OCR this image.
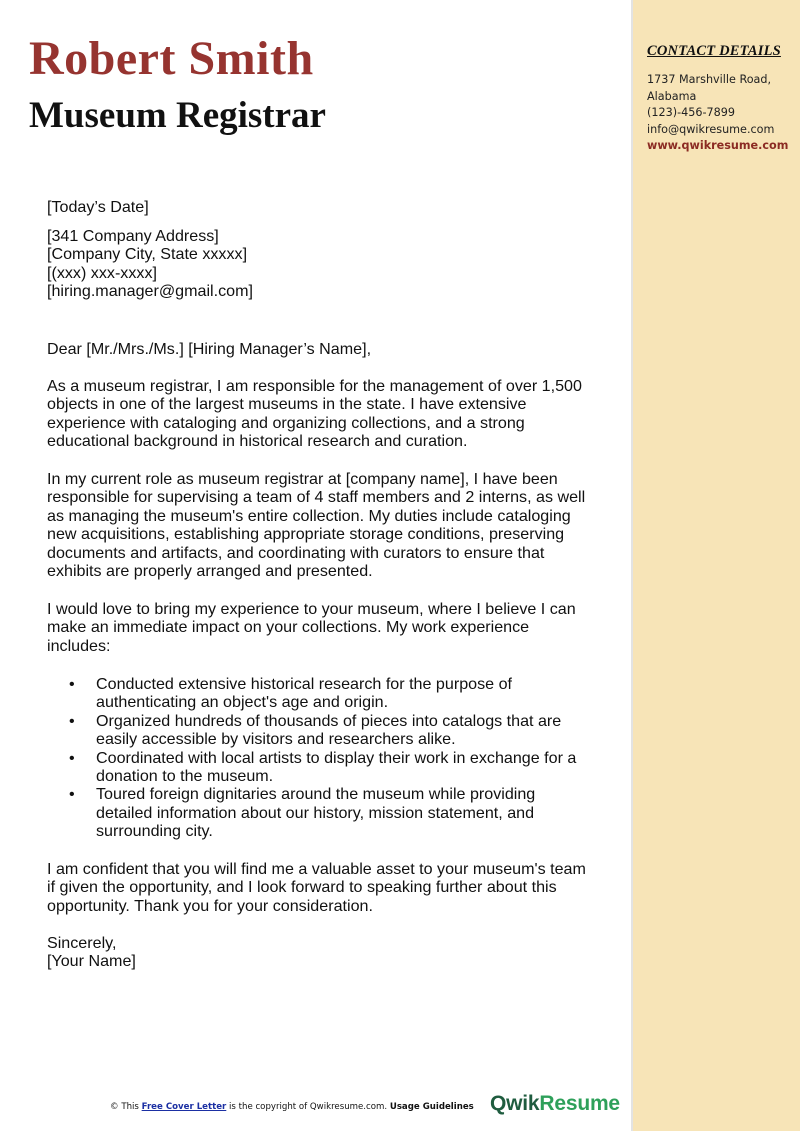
CONTACT DETAILS
1737 Marshville Road,
Alabama
(123)-456-7899
info@qwikresume.com
www.qwikresume.com
Robert Smith
Museum Registrar
[Today’s Date]
[341 Company Address]
[Company City, State xxxxx]
[(xxx) xxx-xxxx]
[hiring.manager@gmail.com]
Dear [Mr./Mrs./Ms.] [Hiring Manager’s Name],
As a museum registrar, I am responsible for the management of over 1,500
objects in one of the largest museums in the state. I have extensive
experience with cataloging and organizing collections, and a strong
educational background in historical research and curation.
In my current role as museum registrar at [company name], I have been
responsible for supervising a team of 4 staff members and 2 interns, as well
as managing the museum's entire collection. My duties include cataloging
new acquisitions, establishing appropriate storage conditions, preserving
documents and artifacts, and coordinating with curators to ensure that
exhibits are properly arranged and presented.
I would love to bring my experience to your museum, where I believe I can
make an immediate impact on your collections. My work experience
includes:
• Conducted extensive historical research for the purpose of
authenticating an object's age and origin.
• Organized hundreds of thousands of pieces into catalogs that are
easily accessible by visitors and researchers alike.
• Coordinated with local artists to display their work in exchange for a
donation to the museum.
• Toured foreign dignitaries around the museum while providing
detailed information about our history, mission statement, and
surrounding city.
I am confident that you will find me a valuable asset to your museum's team
if given the opportunity, and I look forward to speaking further about this
opportunity. Thank you for your consideration.
Sincerely,
[Your Name]
© This Free Cover Letter is the copyright of Qwikresume.com. Usage Guidelines QwikResume
